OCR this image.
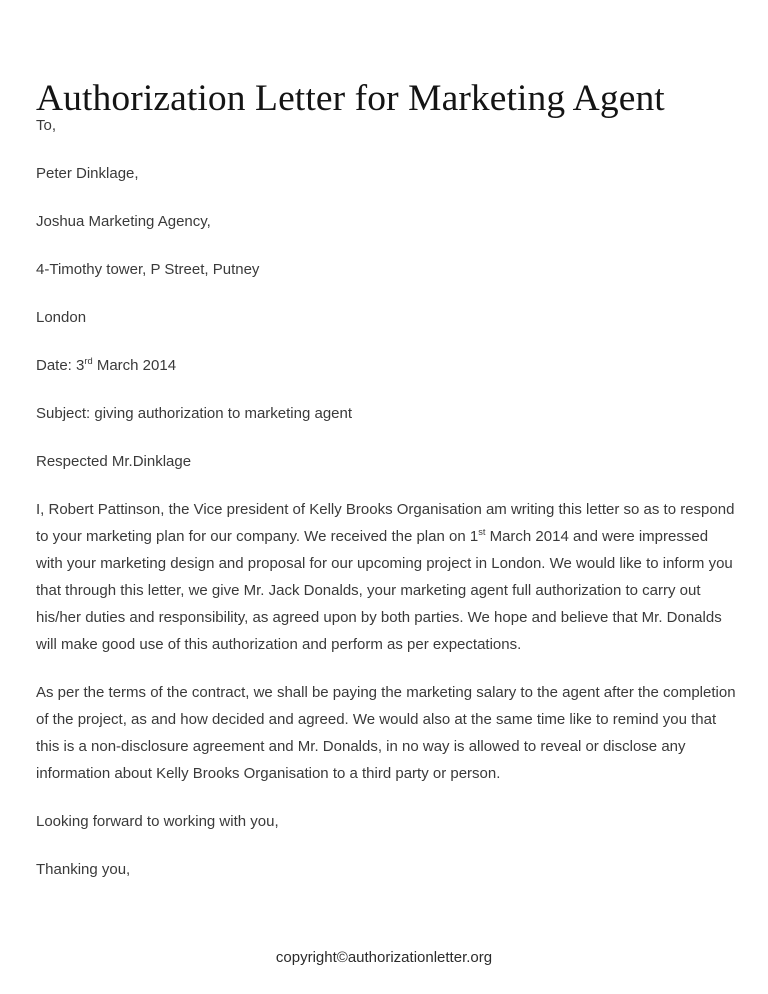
Authorization Letter for Marketing Agent

To,

Peter Dinklage,

Joshua Marketing Agency,

4-Timothy tower, P Street, Putney

London

Date: 3rd March 2014

Subject: giving authorization to marketing agent

Respected Mr.Dinklage

I, Robert Pattinson, the Vice president of Kelly Brooks Organisation am writing this letter so as to respond to your marketing plan for our company. We received the plan on 1st March 2014 and were impressed with your marketing design and proposal for our upcoming project in London. We would like to inform you that through this letter, we give Mr. Jack Donalds, your marketing agent full authorization to carry out his/her duties and responsibility, as agreed upon by both parties. We hope and believe that Mr. Donalds will make good use of this authorization and perform as per expectations.

As per the terms of the contract, we shall be paying the marketing salary to the agent after the completion of the project, as and how decided and agreed. We would also at the same time like to remind you that this is a non-disclosure agreement and Mr. Donalds, in no way is allowed to reveal or disclose any information about Kelly Brooks Organisation to a third party or person.

Looking forward to working with you,

Thanking you,

copyright©authorizationletter.org
